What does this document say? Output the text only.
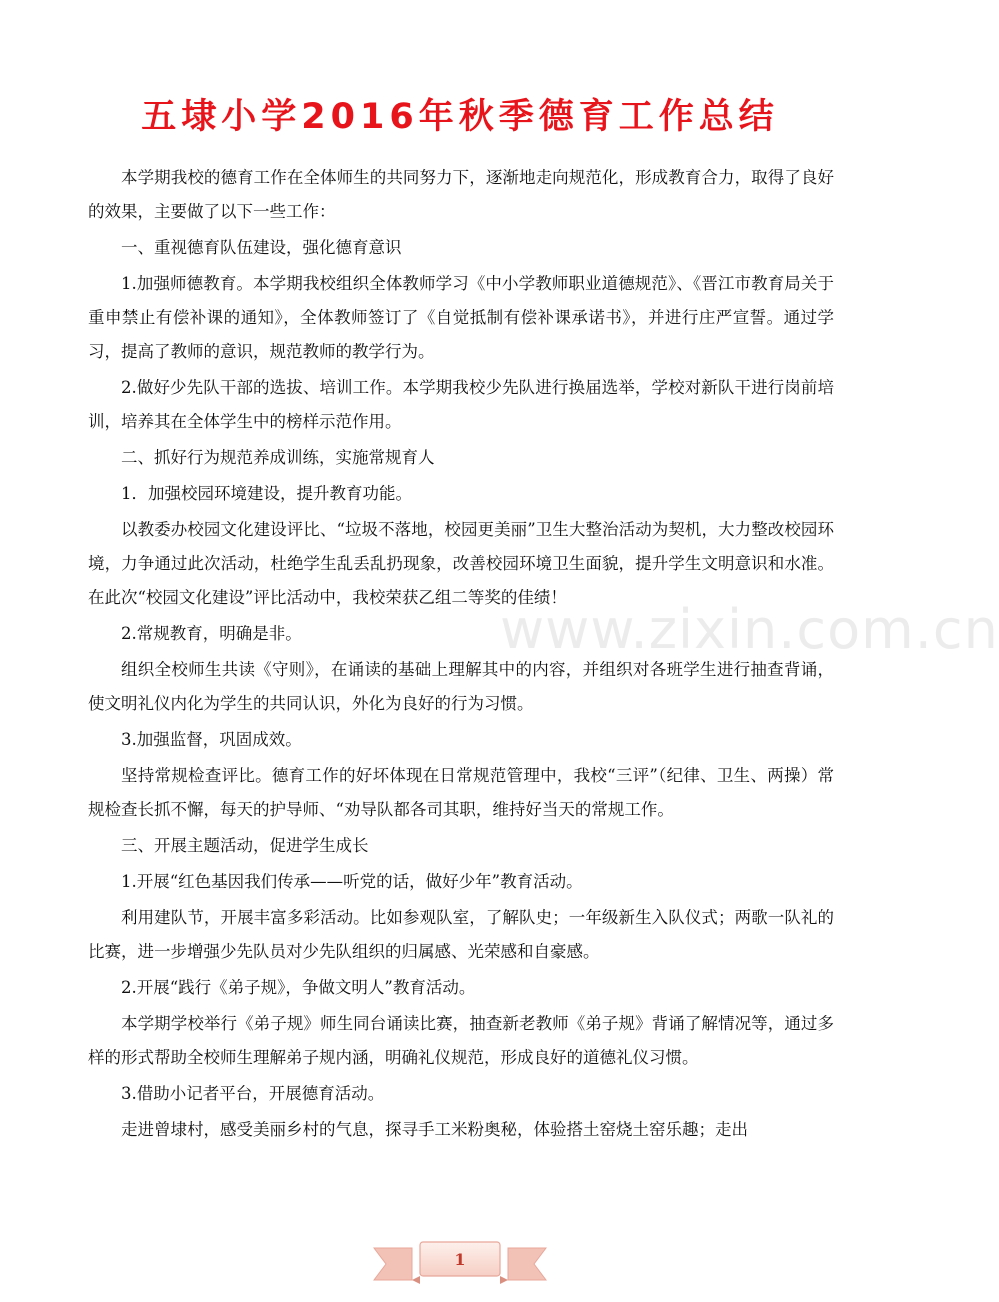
五埭小学2016年秋季德育工作总结

本学期我校的德育工作在全体师生的共同努力下，逐渐地走向规范化，形成教育合力，取得了良好的效果，主要做了以下一些工作：

一、重视德育队伍建设，强化德育意识

1.加强师德教育。本学期我校组织全体教师学习《中小学教师职业道德规范》、《晋江市教育局关于重申禁止有偿补课的通知》，全体教师签订了《自觉抵制有偿补课承诺书》，并进行庄严宣誓。通过学习，提高了教师的意识，规范教师的教学行为。

2.做好少先队干部的选拔、培训工作。本学期我校少先队进行换届选举，学校对新队干进行岗前培训，培养其在全体学生中的榜样示范作用。

二、抓好行为规范养成训练，实施常规育人

1．加强校园环境建设，提升教育功能。

以教委办校园文化建设评比、“垃圾不落地，校园更美丽”卫生大整治活动为契机，大力整改校园环境，力争通过此次活动，杜绝学生乱丢乱扔现象，改善校园环境卫生面貌，提升学生文明意识和水准。在此次“校园文化建设”评比活动中，我校荣获乙组二等奖的佳绩！

2.常规教育，明确是非。

组织全校师生共读《守则》，在诵读的基础上理解其中的内容，并组织对各班学生进行抽查背诵，使文明礼仪内化为学生的共同认识，外化为良好的行为习惯。

3.加强监督，巩固成效。

坚持常规检查评比。德育工作的好坏体现在日常规范管理中，我校“三评”（纪律、卫生、两操）常规检查长抓不懈，每天的护导师、“劝导队都各司其职，维持好当天的常规工作。

三、开展主题活动，促进学生成长

1.开展“红色基因我们传承——听党的话，做好少年”教育活动。

利用建队节，开展丰富多彩活动。比如参观队室，了解队史；一年级新生入队仪式；两歌一队礼的比赛，进一步增强少先队员对少先队组织的归属感、光荣感和自豪感。

2.开展“践行《弟子规》，争做文明人”教育活动。

本学期学校举行《弟子规》师生同台诵读比赛，抽查新老教师《弟子规》背诵了解情况等，通过多样的形式帮助全校师生理解弟子规内涵，明确礼仪规范，形成良好的道德礼仪习惯。

3.借助小记者平台，开展德育活动。

走进曾埭村，感受美丽乡村的气息，探寻手工米粉奥秘，体验搭土窑烧土窑乐趣；走出

www.zixin.com.cn
1
